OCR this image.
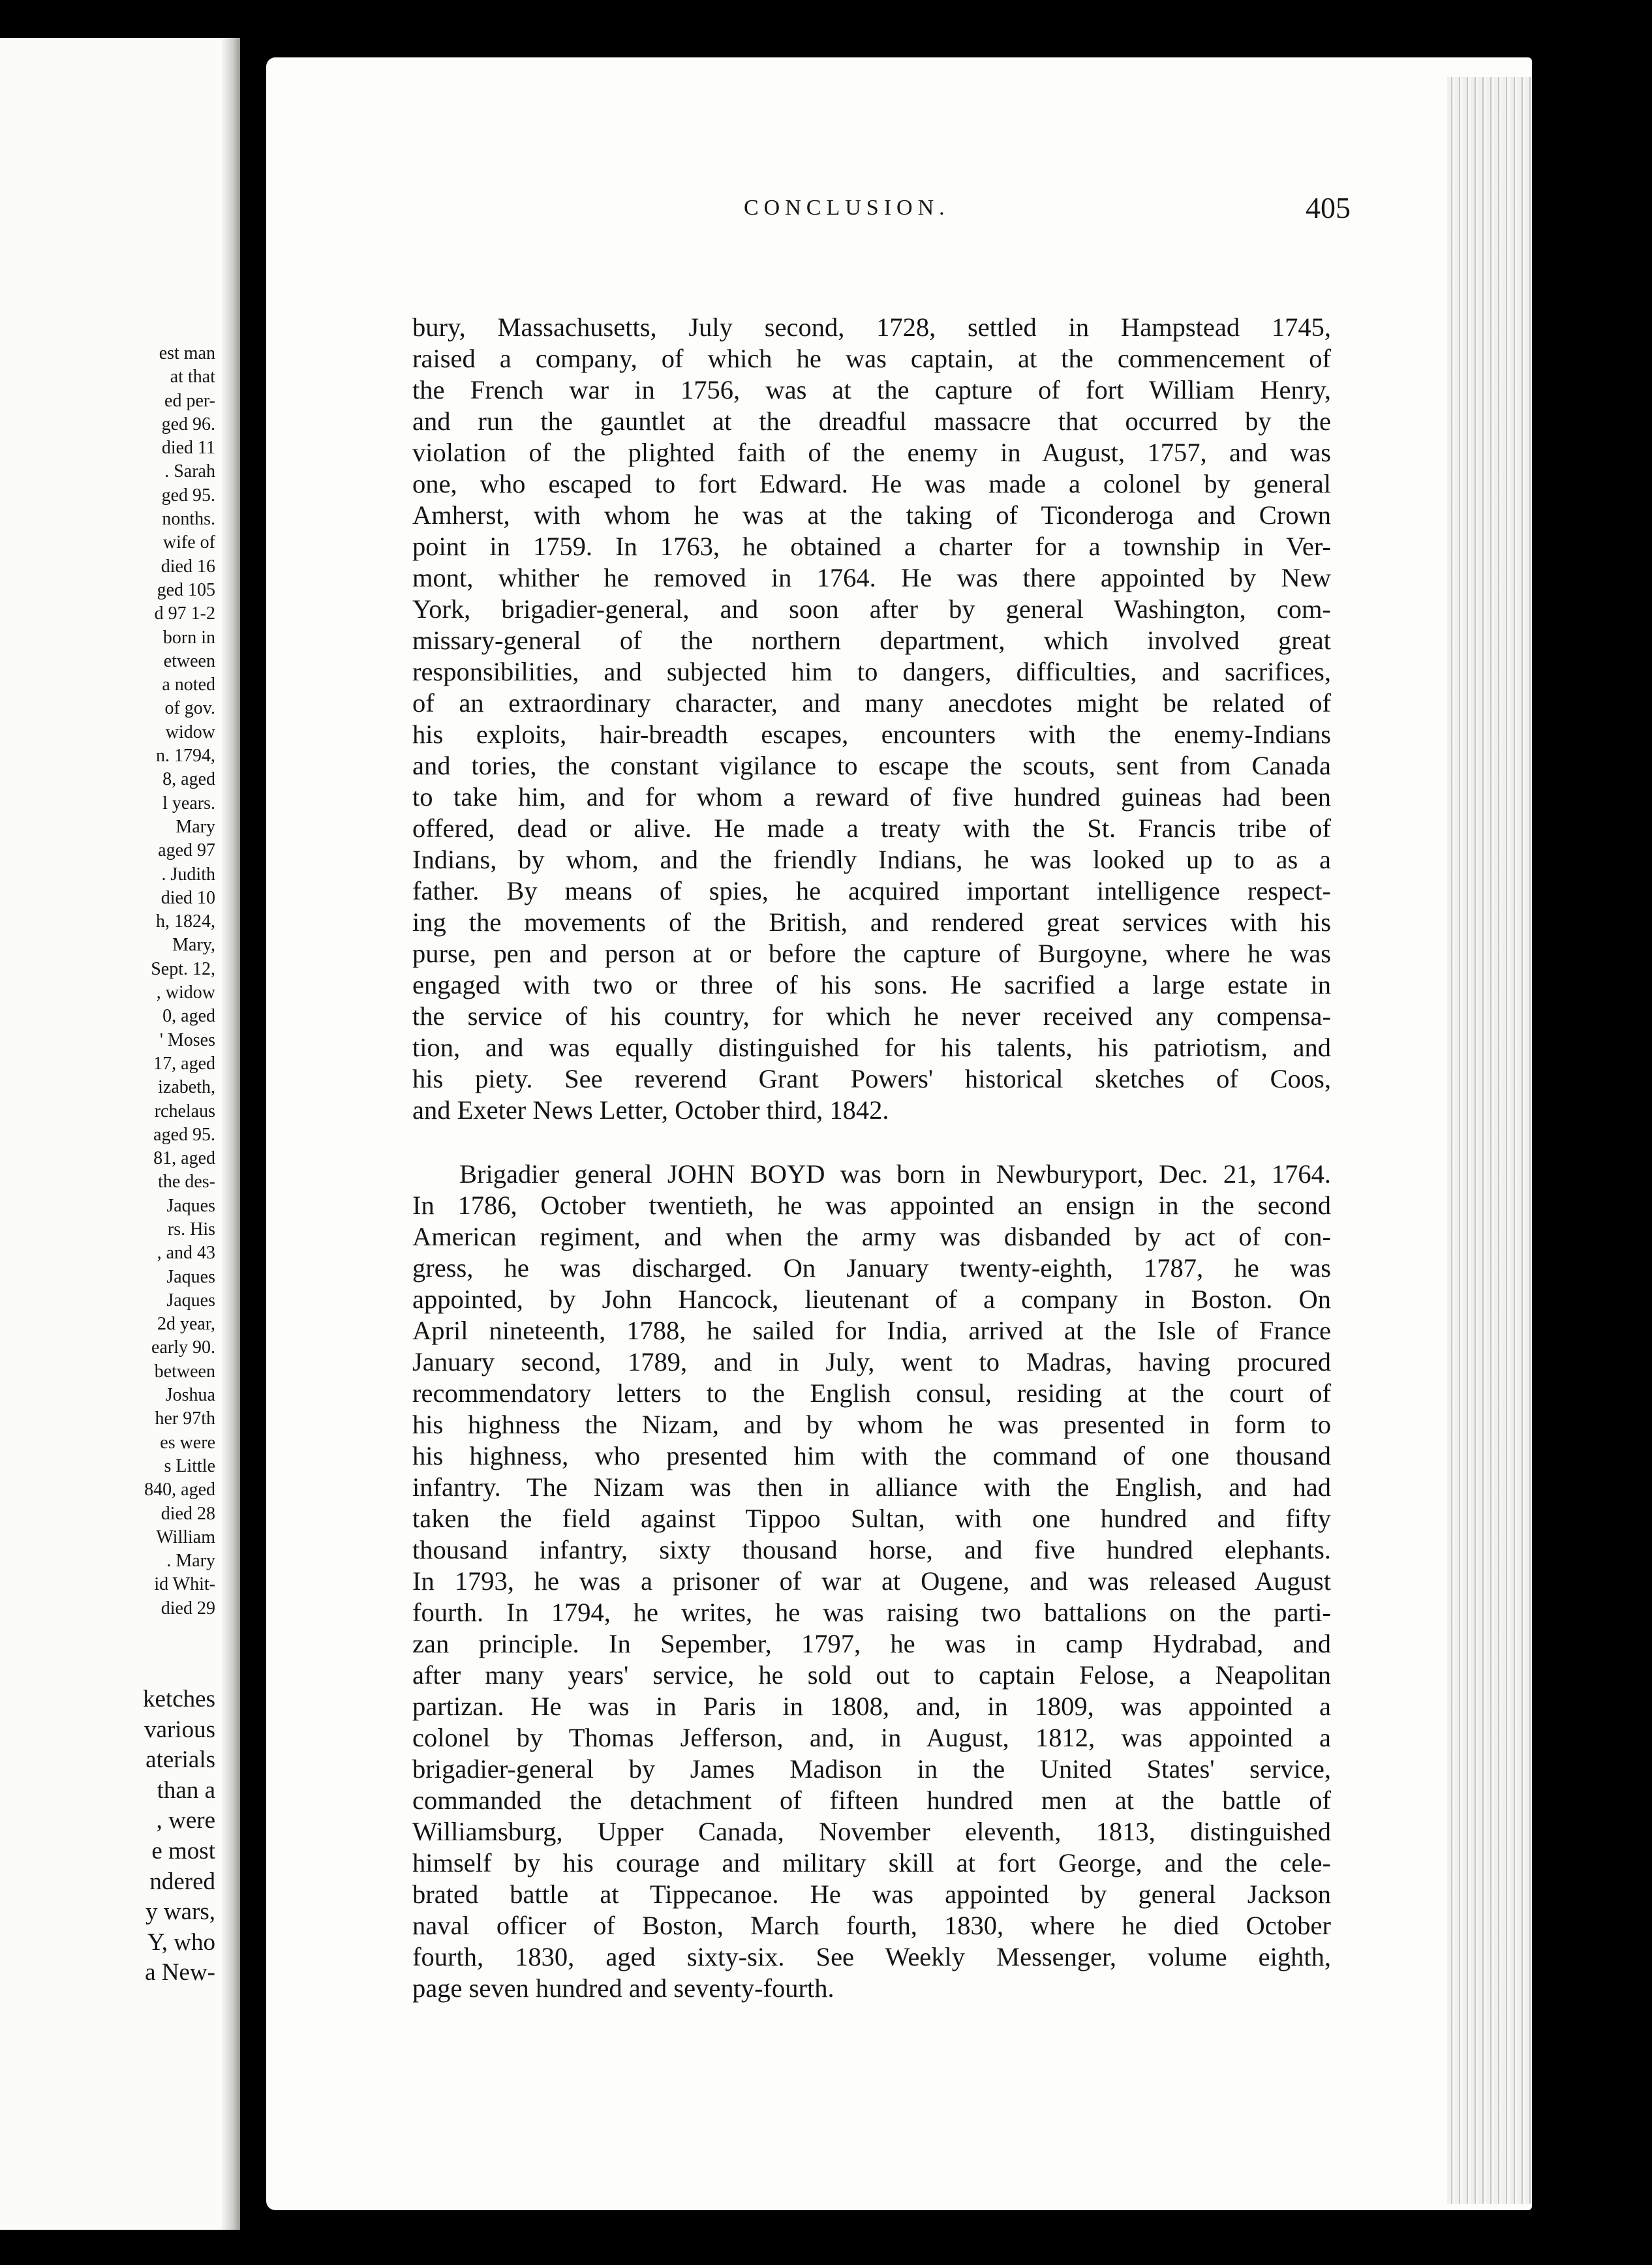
est man
at that
ed per-
ged 96.
died 11
. Sarah
ged 95.
nonths.
wife of
died 16
ged 105
d 97 1-2
born in
etween
a noted
of gov.
widow
n. 1794,
8, aged
l years.
Mary
aged 97
. Judith
died 10
h, 1824,
Mary,
Sept. 12,
, widow
0, aged
' Moses
17, aged
izabeth,
rchelaus
aged 95.
81, aged
the des-
Jaques
rs. His
, and 43
Jaques
Jaques
2d year,
early 90.
between
Joshua
her 97th
es were
s Little
840, aged
died 28
William
. Mary
id Whit-
died 29
ketches
various
aterials
than a
, were
e most
ndered
y wars,
Y, who
a New-
CONCLUSION.	405

bury, Massachusetts, July second, 1728, settled in Hampstead 1745,
raised a company, of which he was captain, at the commencement of
the French war in 1756, was at the capture of fort William Henry,
and run the gauntlet at the dreadful massacre that occurred by the
violation of the plighted faith of the enemy in August, 1757, and was
one, who escaped to fort Edward. He was made a colonel by general
Amherst, with whom he was at the taking of Ticonderoga and Crown
point in 1759. In 1763, he obtained a charter for a township in Ver-
mont, whither he removed in 1764. He was there appointed by New
York, brigadier-general, and soon after by general Washington, com-
missary-general of the northern department, which involved great
responsibilities, and subjected him to dangers, difficulties, and sacrifices,
of an extraordinary character, and many anecdotes might be related of
his exploits, hair-breadth escapes, encounters with the enemy-Indians
and tories, the constant vigilance to escape the scouts, sent from Canada
to take him, and for whom a reward of five hundred guineas had been
offered, dead or alive. He made a treaty with the St. Francis tribe of
Indians, by whom, and the friendly Indians, he was looked up to as a
father. By means of spies, he acquired important intelligence respect-
ing the movements of the British, and rendered great services with his
purse, pen and person at or before the capture of Burgoyne, where he was
engaged with two or three of his sons. He sacrified a large estate in
the service of his country, for which he never received any compensa-
tion, and was equally distinguished for his talents, his patriotism, and
his piety. See reverend Grant Powers' historical sketches of Coos,
and Exeter News Letter, October third, 1842.

Brigadier general JOHN BOYD was born in Newburyport, Dec. 21, 1764.
In 1786, October twentieth, he was appointed an ensign in the second
American regiment, and when the army was disbanded by act of con-
gress, he was discharged. On January twenty-eighth, 1787, he was
appointed, by John Hancock, lieutenant of a company in Boston. On
April nineteenth, 1788, he sailed for India, arrived at the Isle of France
January second, 1789, and in July, went to Madras, having procured
recommendatory letters to the English consul, residing at the court of
his highness the Nizam, and by whom he was presented in form to
his highness, who presented him with the command of one thousand
infantry. The Nizam was then in alliance with the English, and had
taken the field against Tippoo Sultan, with one hundred and fifty
thousand infantry, sixty thousand horse, and five hundred elephants.
In 1793, he was a prisoner of war at Ougene, and was released August
fourth. In 1794, he writes, he was raising two battalions on the parti-
zan principle. In Sepember, 1797, he was in camp Hydrabad, and
after many years' service, he sold out to captain Felose, a Neapolitan
partizan. He was in Paris in 1808, and, in 1809, was appointed a
colonel by Thomas Jefferson, and, in August, 1812, was appointed a
brigadier-general by James Madison in the United States' service,
commanded the detachment of fifteen hundred men at the battle of
Williamsburg, Upper Canada, November eleventh, 1813, distinguished
himself by his courage and military skill at fort George, and the cele-
brated battle at Tippecanoe. He was appointed by general Jackson
naval officer of Boston, March fourth, 1830, where he died October
fourth, 1830, aged sixty-six. See Weekly Messenger, volume eighth,
page seven hundred and seventy-fourth.
